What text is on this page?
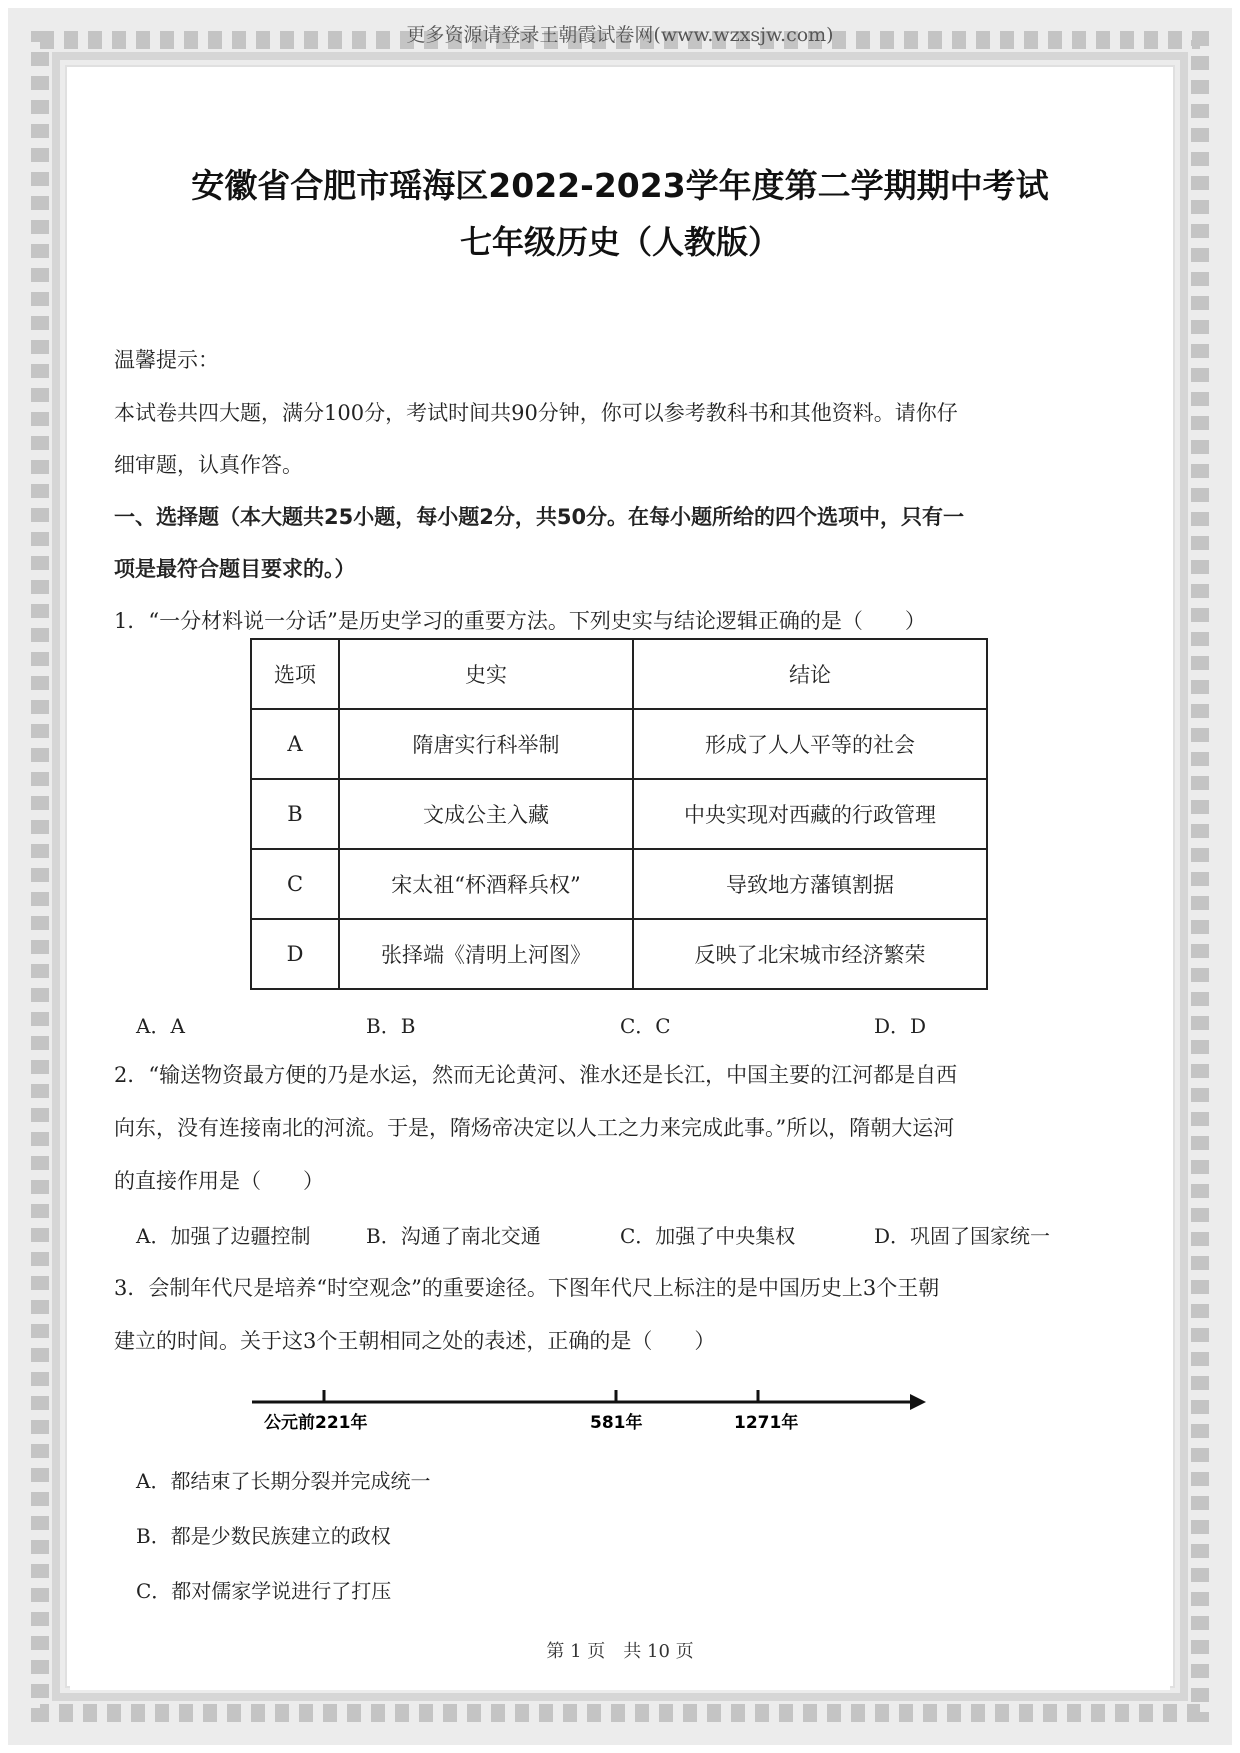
更多资源请登录王朝霞试卷网(www.wzxsjw.com)
安徽省合肥市瑶海区2022-2023学年度第二学期期中考试
七年级历史（人教版）
温馨提示：
本试卷共四大题，满分100分，考试时间共90分钟，你可以参考教科书和其他资料。请你仔
细审题，认真作答。
一、选择题（本大题共25小题，每小题2分，共50分。在每小题所给的四个选项中，只有一
项是最符合题目要求的。）
1．“一分材料说一分话”是历史学习的重要方法。下列史实与结论逻辑正确的是（　　）
选项	史实	结论
A	隋唐实行科举制	形成了人人平等的社会
B	文成公主入藏	中央实现对西藏的行政管理
C	宋太祖“杯酒释兵权”	导致地方藩镇割据
D	张择端《清明上河图》	反映了北宋城市经济繁荣
A．A	B．B	C．C	D．D
2．“输送物资最方便的乃是水运，然而无论黄河、淮水还是长江，中国主要的江河都是自西
向东，没有连接南北的河流。于是，隋炀帝决定以人工之力来完成此事。”所以，隋朝大运河
的直接作用是（　　）
A．加强了边疆控制	B．沟通了南北交通	C．加强了中央集权	D．巩固了国家统一
3．会制年代尺是培养“时空观念”的重要途径。下图年代尺上标注的是中国历史上3个王朝
建立的时间。关于这3个王朝相同之处的表述，正确的是（　　）
公元前221年	581年	1271年
A．都结束了长期分裂并完成统一
B．都是少数民族建立的政权
C．都对儒家学说进行了打压
第 1 页　共 10 页
